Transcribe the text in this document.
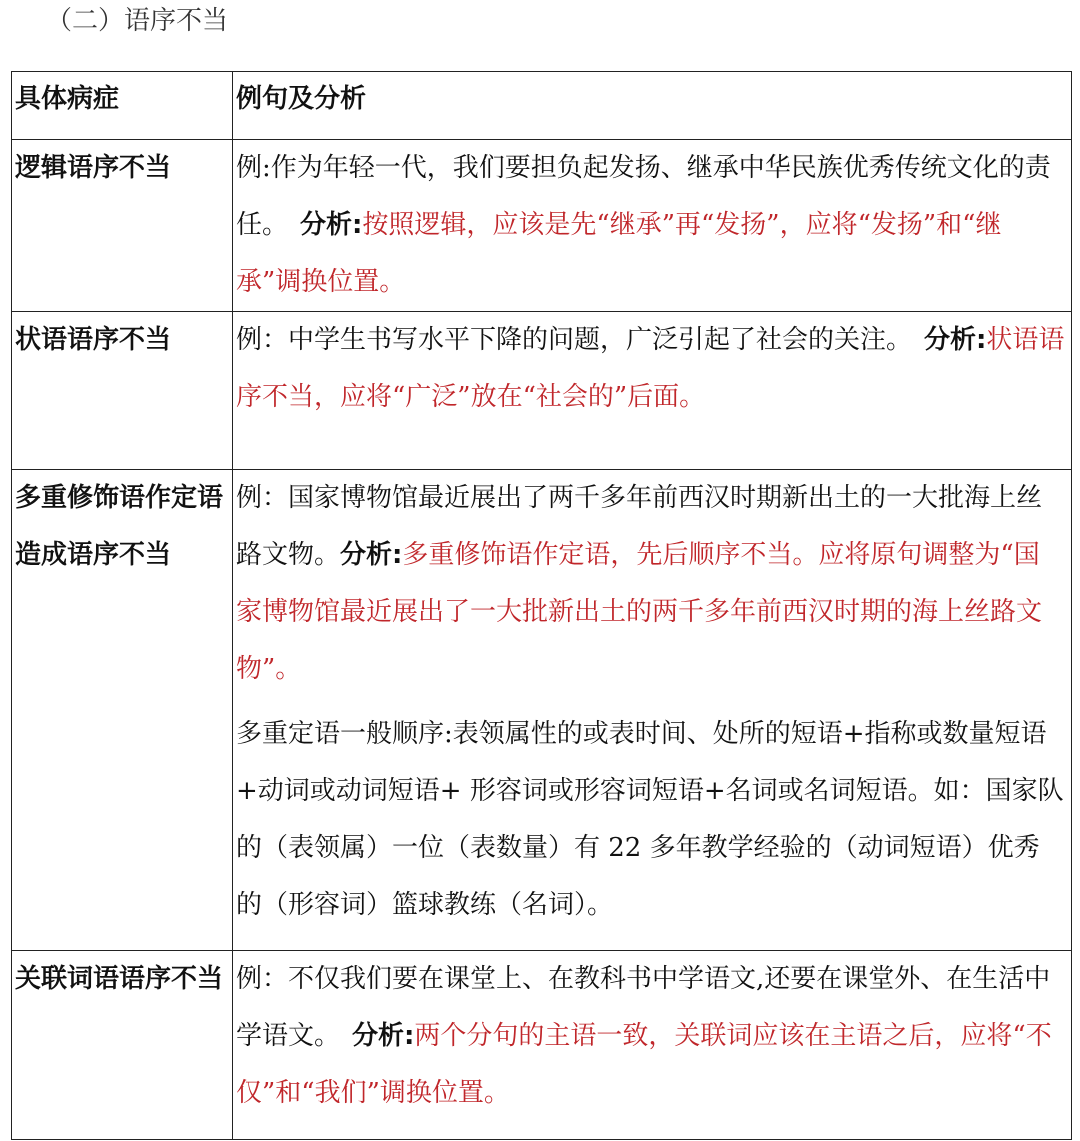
（二）语序不当
具体病症	例句及分析
逻辑语序不当	例:作为年轻一代，我们要担负起发扬、继承中华民族优秀传统文化的责任。 分析:按照逻辑，应该是先“继承”再“发扬”，应将“发扬”和“继承”调换位置。
状语语序不当	例：中学生书写水平下降的问题，广泛引起了社会的关注。 分析:状语语序不当，应将“广泛”放在“社会的”后面。
多重修饰语作定语造成语序不当	例：国家博物馆最近展出了两千多年前西汉时期新出土的一大批海上丝路文物。分析:多重修饰语作定语，先后顺序不当。应将原句调整为“国家博物馆最近展出了一大批新出土的两千多年前西汉时期的海上丝路文物”。
多重定语一般顺序:表领属性的或表时间、处所的短语+指称或数量短语+动词或动词短语+ 形容词或形容词短语+名词或名词短语。如：国家队的（表领属）一位（表数量）有 22 多年教学经验的（动词短语）优秀的（形容词）篮球教练（名词）。

关联词语语序不当	例：不仅我们要在课堂上、在教科书中学语文,还要在课堂外、在生活中学语文。 分析:两个分句的主语一致，关联词应该在主语之后，应将“不仅”和“我们”调换位置。
